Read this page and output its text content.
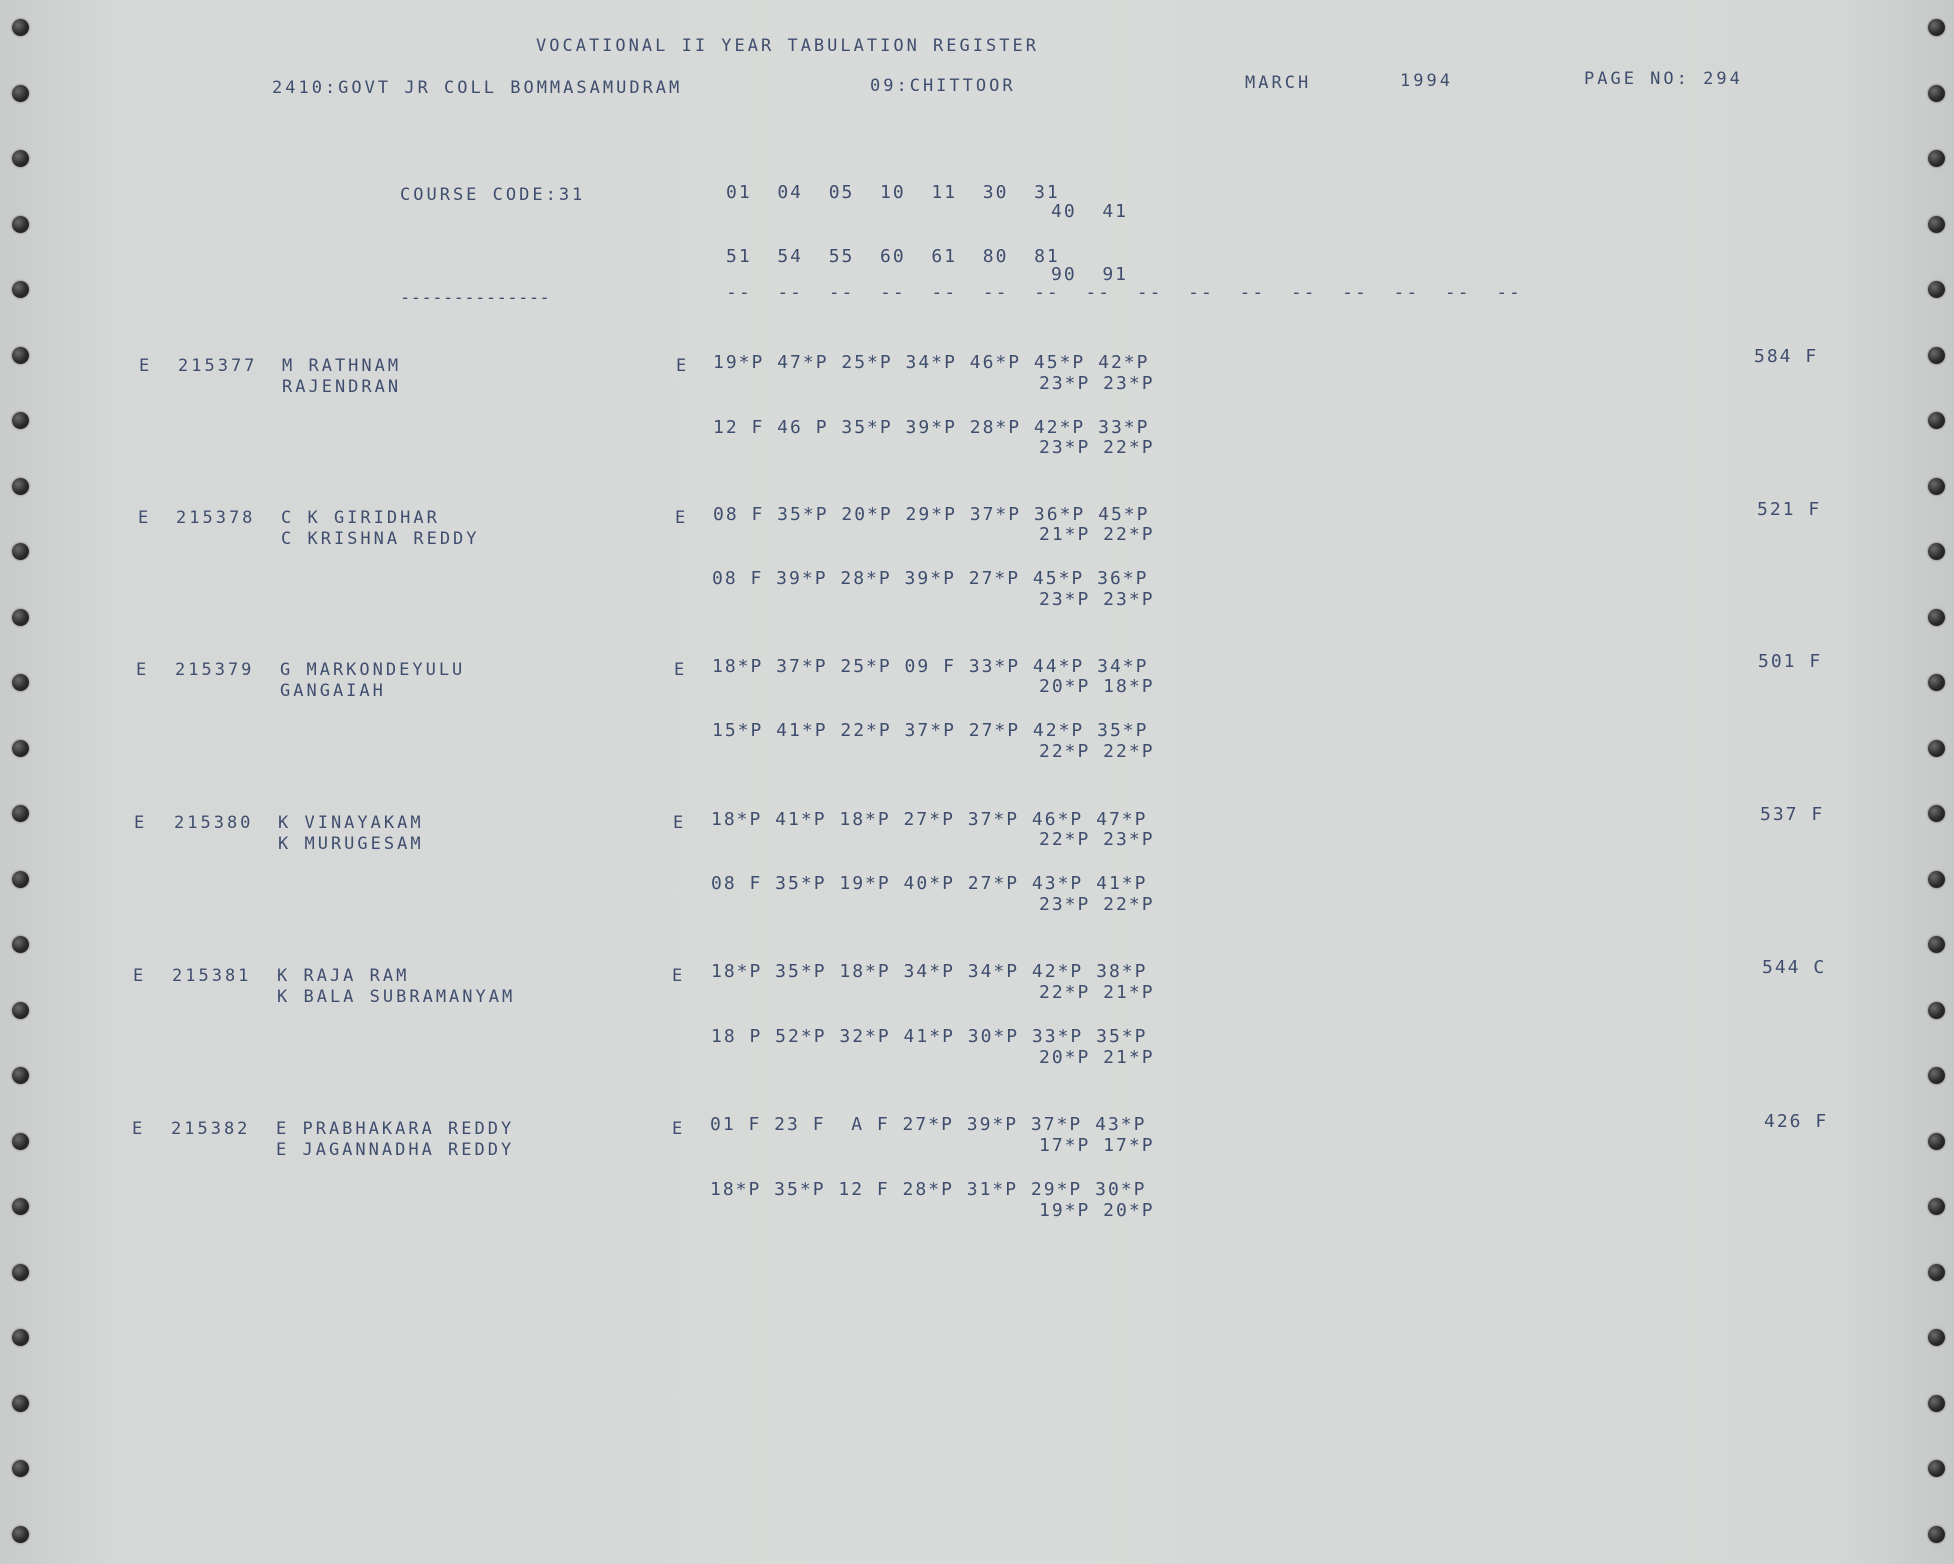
VOCATIONAL II YEAR TABULATION REGISTER
2410:GOVT JR COLL BOMMASAMUDRAM	09:CHITTOOR	MARCH	1994	PAGE NO: 294
COURSE CODE:31	01  04  05  10  11  30  31
40  41
51  54  55  60  61  80  81
90  91
--------------	--  --  --  --  --  --  --  --  --  --  --  --  --  --  --  --
E 215377 M RATHNAM
RAJENDRAN
E 19*P 47*P 25*P 34*P 46*P 45*P 42*P
23*P 23*P
12 F 46 P 35*P 39*P 28*P 42*P 33*P
23*P 22*P
584 F
E 215378 C K GIRIDHAR
C KRISHNA REDDY
E 08 F 35*P 20*P 29*P 37*P 36*P 45*P
21*P 22*P
08 F 39*P 28*P 39*P 27*P 45*P 36*P
23*P 23*P
521 F
E 215379 G MARKONDEYULU
GANGAIAH
E 18*P 37*P 25*P 09 F 33*P 44*P 34*P
20*P 18*P
15*P 41*P 22*P 37*P 27*P 42*P 35*P
22*P 22*P
501 F
E 215380 K VINAYAKAM
K MURUGESAM
E 18*P 41*P 18*P 27*P 37*P 46*P 47*P
22*P 23*P
08 F 35*P 19*P 40*P 27*P 43*P 41*P
23*P 22*P
537 F
E 215381 K RAJA RAM
K BALA SUBRAMANYAM
E 18*P 35*P 18*P 34*P 34*P 42*P 38*P
22*P 21*P
18 P 52*P 32*P 41*P 30*P 33*P 35*P
20*P 21*P
544 C
E 215382 E PRABHAKARA REDDY
E JAGANNADHA REDDY
E 01 F 23 F  A F 27*P 39*P 37*P 43*P
17*P 17*P
18*P 35*P 12 F 28*P 31*P 29*P 30*P
19*P 20*P
426 F
